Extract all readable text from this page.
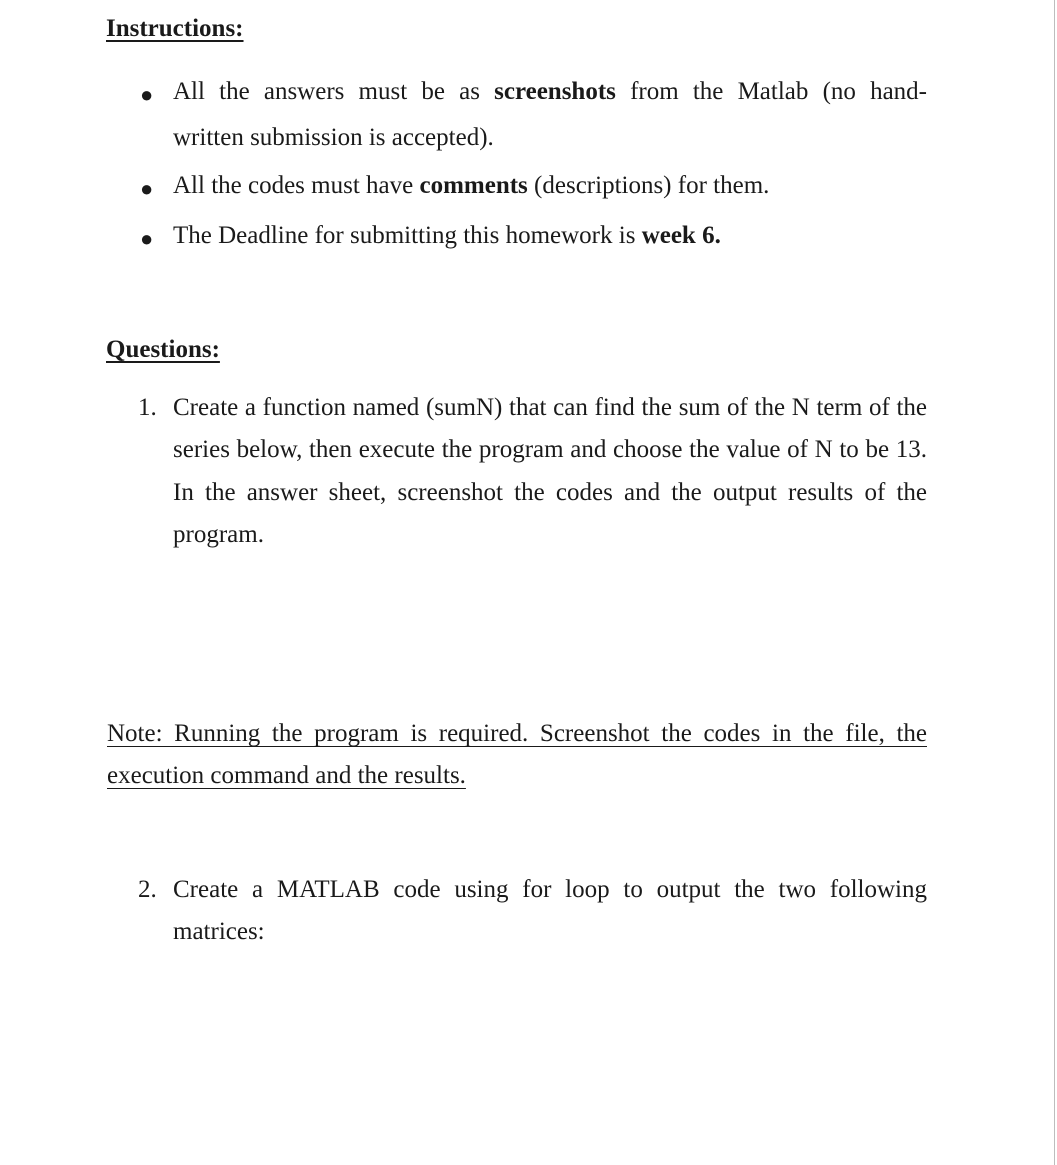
Instructions:
● All the answers must be as screenshots from the Matlab (no hand-
written submission is accepted).
● All the codes must have comments (descriptions) for them.
● The Deadline for submitting this homework is week 6.
Questions:
1. Create a function named (sumN) that can find the sum of the N term of the
series below, then execute the program and choose the value of N to be 13.
In the answer sheet, screenshot the codes and the output results of the
program.
Note: Running the program is required. Screenshot the codes in the file, the
execution command and the results.
2. Create a MATLAB code using for loop to output the two following
matrices:
